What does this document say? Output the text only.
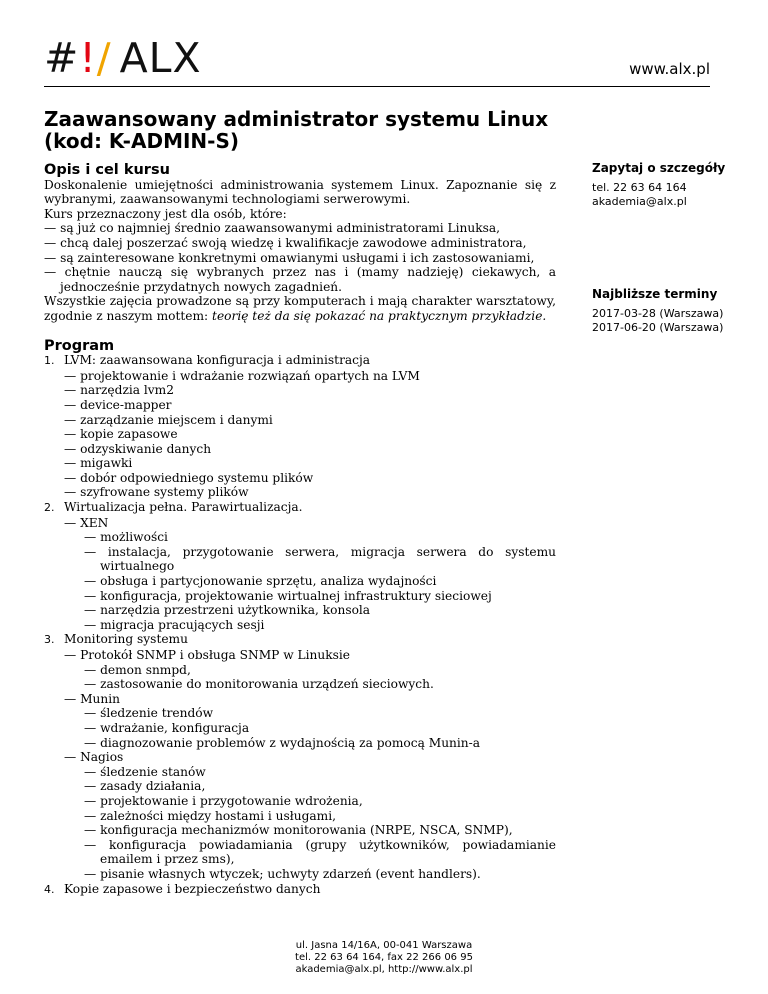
#!/ ALX	www.alx.pl
Zaawansowany administrator systemu Linux (kod: K-ADMIN-S)
Opis i cel kursu

Doskonalenie umiejętności administrowania systemem Linux. Zapoznanie się z wybranymi, zaawansowanymi technologiami serwerowymi.

Kurs przeznaczony jest dla osób, które:

— są już co najmniej średnio zaawansowanymi administratorami Linuksa,

— chcą dalej poszerzać swoją wiedzę i kwalifikacje zawodowe administratora,

— są zainteresowane konkretnymi omawianymi usługami i ich zastosowaniami,

— chętnie nauczą się wybranych przez nas i (mamy nadzieję) ciekawych, a jednocześnie przydatnych nowych zagadnień.

Wszystkie zajęcia prowadzone są przy komputerach i mają charakter warsztatowy, zgodnie z naszym mottem: teorię też da się pokazać na praktycznym przykładzie.

Program

1. LVM: zaawansowana konfiguracja i administracja

— projektowanie i wdrażanie rozwiązań opartych na LVM

— narzędzia lvm2

— device-mapper

— zarządzanie miejscem i danymi

— kopie zapasowe

— odzyskiwanie danych

— migawki

— dobór odpowiedniego systemu plików

— szyfrowane systemy plików

2. Wirtualizacja pełna. Parawirtualizacja.

— XEN

— możliwości

— instalacja, przygotowanie serwera, migracja serwera do systemu wirtualnego

— obsługa i partycjonowanie sprzętu, analiza wydajności

— konfiguracja, projektowanie wirtualnej infrastruktury sieciowej

— narzędzia przestrzeni użytkownika, konsola

— migracja pracujących sesji

3. Monitoring systemu

— Protokół SNMP i obsługa SNMP w Linuksie

— demon snmpd,

— zastosowanie do monitorowania urządzeń sieciowych.

— Munin

— śledzenie trendów

— wdrażanie, konfiguracja

— diagnozowanie problemów z wydajnością za pomocą Munin-a

— Nagios

— śledzenie stanów

— zasady działania,

— projektowanie i przygotowanie wdrożenia,

— zależności między hostami i usługami,

— konfiguracja mechanizmów monitorowania (NRPE, NSCA, SNMP),

— konfiguracja powiadamiania (grupy użytkowników, powiadamianie emailem i przez sms),

— pisanie własnych wtyczek; uchwyty zdarzeń (event handlers).

4. Kopie zapasowe i bezpieczeństwo danych

Zapytaj o szczegóły

tel. 22 63 64 164

akademia@alx.pl

Najbliższe terminy

2017-03-28 (Warszawa)

2017-06-20 (Warszawa)

ul. Jasna 14/16A, 00-041 Warszawa
tel. 22 63 64 164, fax 22 266 06 95
akademia@alx.pl, http://www.alx.pl
